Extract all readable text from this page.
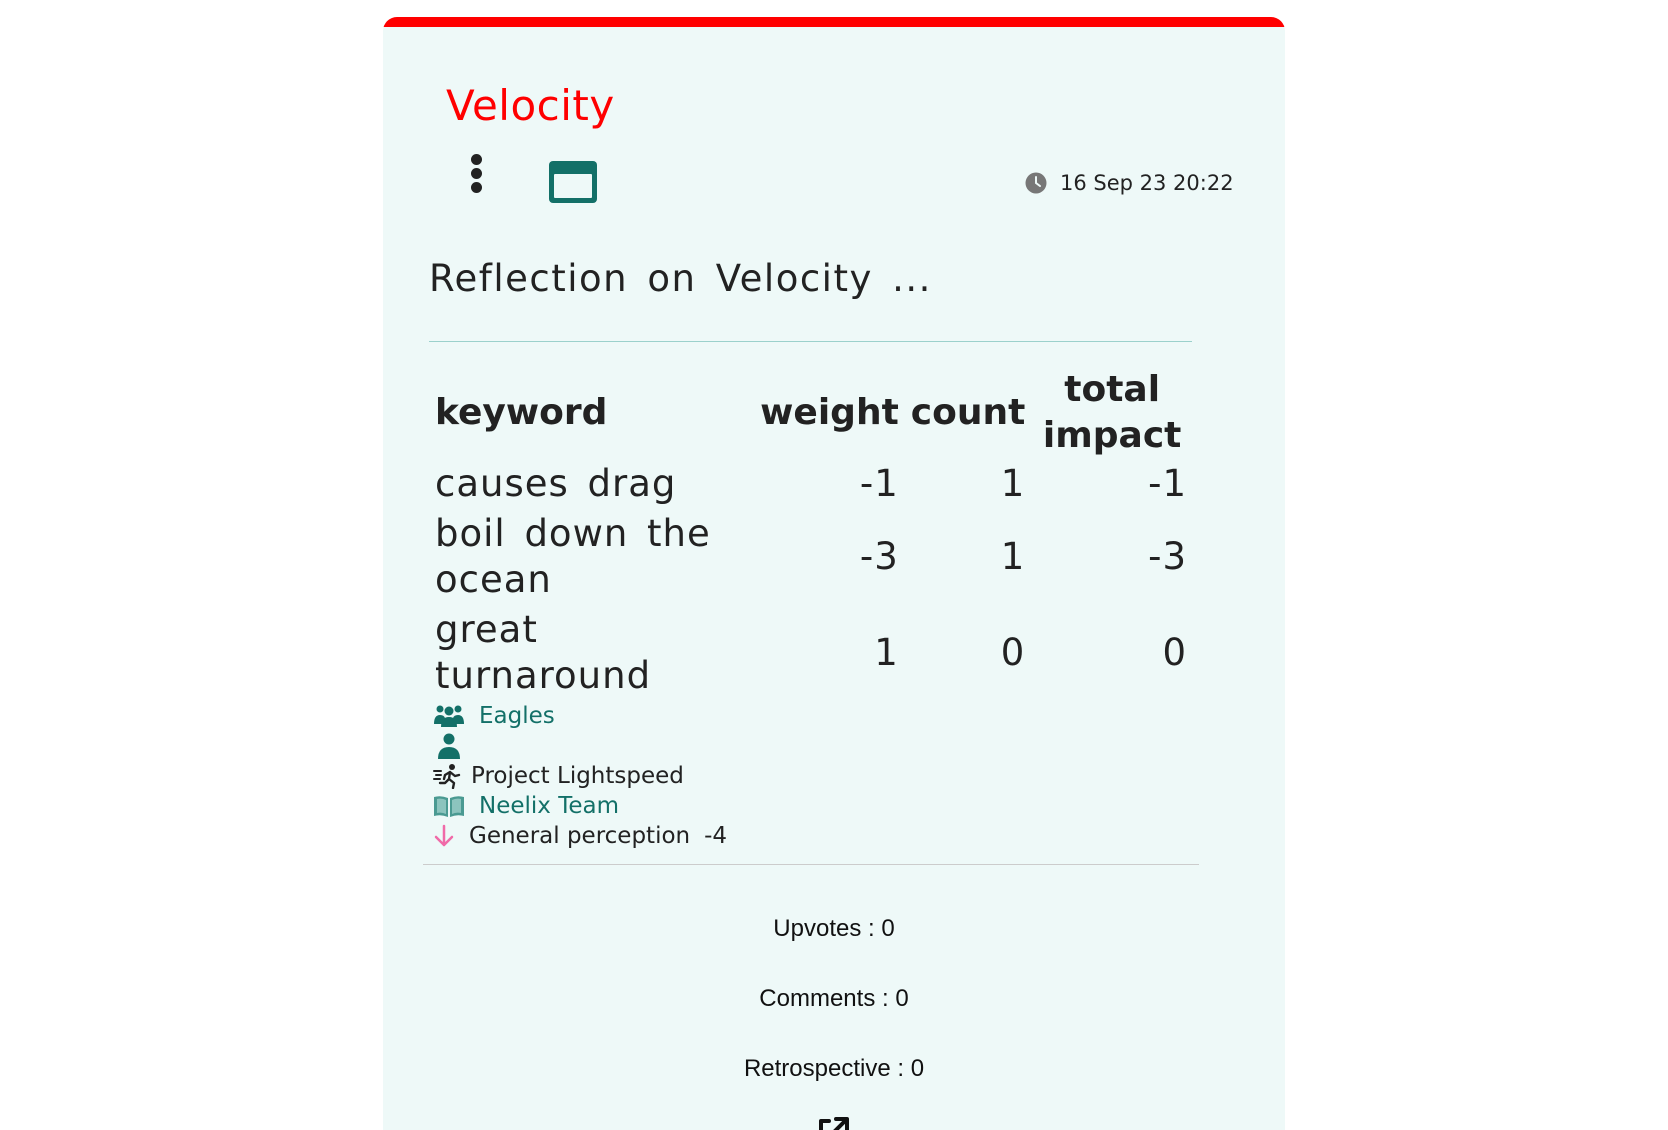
Velocity
16 Sep 23 20:22
Reflection on Velocity ...
keyword	weight	count	total impact
causes drag	-1	1	-1
boil down the ocean	-3	1	-3
great turnaround	1	0	0
Eagles
Project Lightspeed
Neelix Team
General perception -4
Upvotes : 0
Comments : 0
Retrospective : 0
